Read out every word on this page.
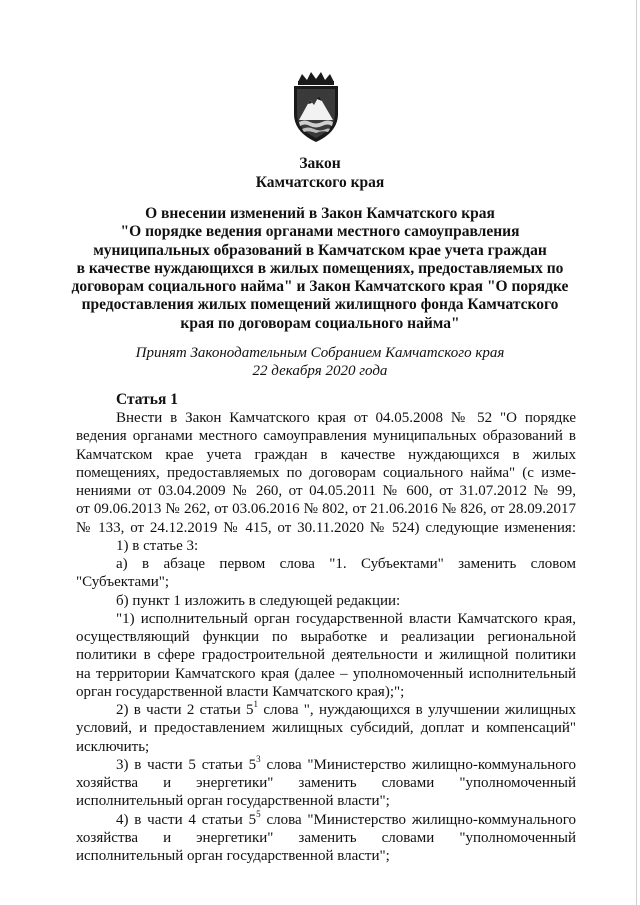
Закон
Камчатского края
О внесении изменений в Закон Камчатского края
"О порядке ведения органами местного самоуправления
муниципальных образований в Камчатском крае учета граждан
в качестве нуждающихся в жилых помещениях, предоставляемых по
договорам социального найма" и Закон Камчатского края "О порядке
предоставления жилых помещений жилищного фонда Камчатского
края по договорам социального найма"
Принят Законодательным Собранием Камчатского края
22 декабря 2020 года
Статья 1
Внести в Закон Камчатского края от 04.05.2008 № 52 "О порядке
ведения органами местного самоуправления муниципальных образований в
Камчатском крае учета граждан в качестве нуждающихся в жилых
помещениях, предоставляемых по договорам социального найма" (с изме-
нениями от 03.04.2009 № 260, от 04.05.2011 № 600, от 31.07.2012 № 99,
от 09.06.2013 № 262, от 03.06.2016 № 802, от 21.06.2016 № 826, от 28.09.2017
№ 133, от 24.12.2019 № 415, от 30.11.2020 № 524) следующие изменения:
1) в статье 3:
а) в абзаце первом слова "1. Субъектами" заменить словом
"Субъектами";
б) пункт 1 изложить в следующей редакции:
"1) исполнительный орган государственной власти Камчатского края,
осуществляющий функции по выработке и реализации региональной
политики в сфере градостроительной деятельности и жилищной политики
на территории Камчатского края (далее – уполномоченный исполнительный
орган государственной власти Камчатского края);";
2) в части 2 статьи $5^1$ слова ", нуждающихся в улучшении жилищных
условий, и предоставлением жилищных субсидий, доплат и компенсаций"
исключить;
3) в части 5 статьи $5^3$ слова "Министерство жилищно-коммунального
хозяйства и энергетики" заменить словами "уполномоченный
исполнительный орган государственной власти";
4) в части 4 статьи $5^5$ слова "Министерство жилищно-коммунального
хозяйства и энергетики" заменить словами "уполномоченный
исполнительный орган государственной власти";
